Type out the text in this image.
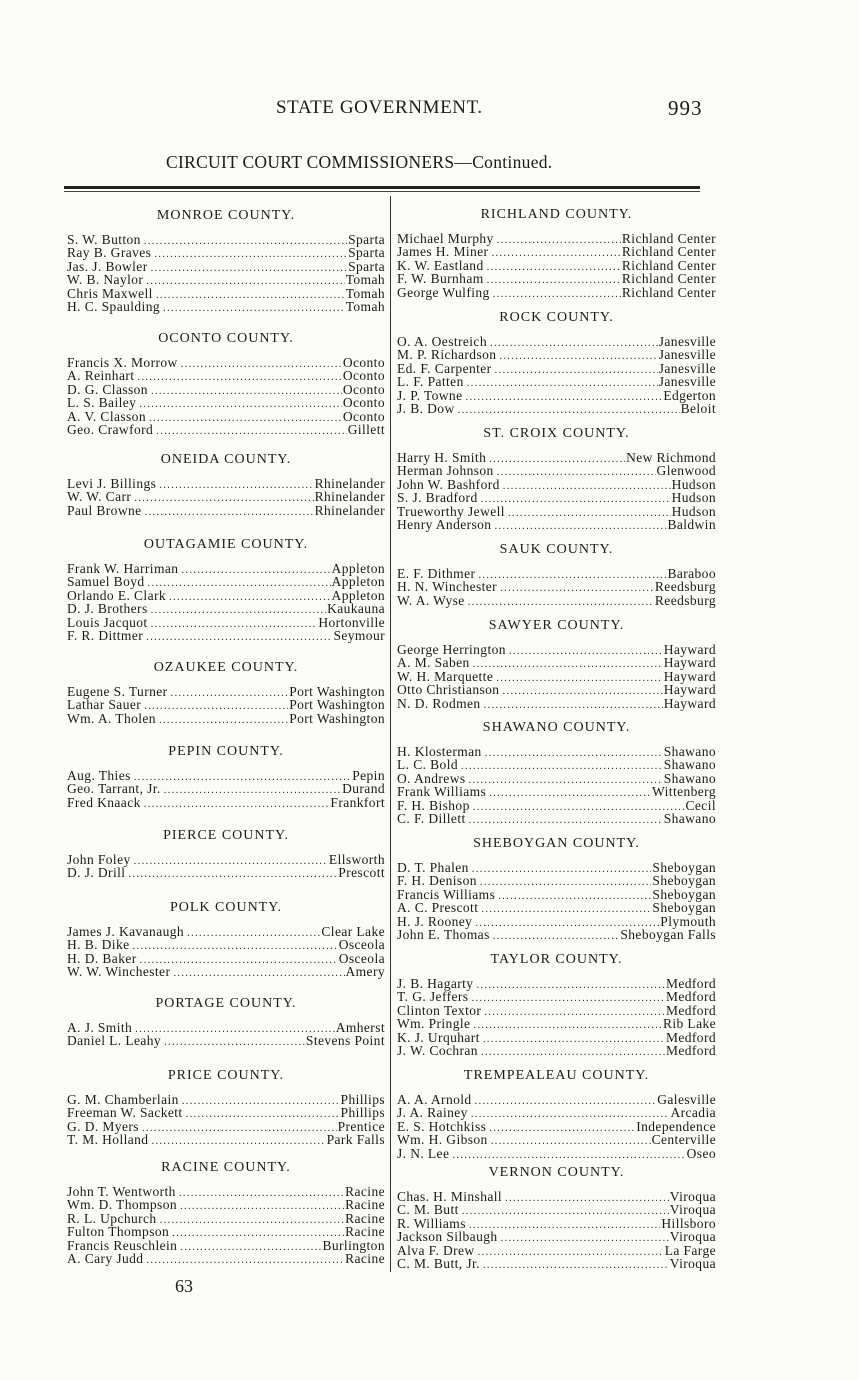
STATE GOVERNMENT.	993
CIRCUIT COURT COMMISSIONERS—Continued.
MONROE COUNTY.
S. W. Button .....	Sparta
Ray B. Graves .....	Sparta
Jas. J. Bowler .....	Sparta
W. B. Naylor .....	Tomah
Chris Maxwell .....	Tomah
H. C. Spaulding .....	Tomah
OCONTO COUNTY.
Francis X. Morrow .....	Oconto
A. Reinhart .....	Oconto
D. G. Classon .....	Oconto
L. S. Bailey .....	Oconto
A. V. Classon .....	Oconto
Geo. Crawford .....	Gillett
ONEIDA COUNTY.
Levi J. Billings .....	Rhinelander
W. W. Carr .....	Rhinelander
Paul Browne .....	Rhinelander
OUTAGAMIE COUNTY.
Frank W. Harriman .....	Appleton
Samuel Boyd .....	Appleton
Orlando E. Clark .....	Appleton
D. J. Brothers .....	Kaukauna
Louis Jacquot .....	Hortonville
F. R. Dittmer .....	Seymour
OZAUKEE COUNTY.
Eugene S. Turner .....	Port Washington
Lathar Sauer .....	Port Washington
Wm. A. Tholen .....	Port Washington
PEPIN COUNTY.
Aug. Thies .....	Pepin
Geo. Tarrant, Jr. .....	Durand
Fred Knaack .....	Frankfort
PIERCE COUNTY.
John Foley .....	Ellsworth
D. J. Drill .....	Prescott
POLK COUNTY.
James J. Kavanaugh .....	Clear Lake
H. B. Dike .....	Osceola
H. D. Baker .....	Osceola
W. W. Winchester .....	Amery
PORTAGE COUNTY.
A. J. Smith .....	Amherst
Daniel L. Leahy .....	Stevens Point
PRICE COUNTY.
G. M. Chamberlain .....	Phillips
Freeman W. Sackett .....	Phillips
G. D. Myers .....	Prentice
T. M. Holland .....	Park Falls
RACINE COUNTY.
John T. Wentworth .....	Racine
Wm. D. Thompson .....	Racine
R. L. Upchurch .....	Racine
Fulton Thompson .....	Racine
Francis Reuschlein .....	Burlington
A. Cary Judd .....	Racine
RICHLAND COUNTY.
Michael Murphy .....	Richland Center
James H. Miner .....	Richland Center
K. W. Eastland .....	Richland Center
F. W. Burnham .....	Richland Center
George Wulfing .....	Richland Center
ROCK COUNTY.
O. A. Oestreich .....	Janesville
M. P. Richardson .....	Janesville
Ed. F. Carpenter .....	Janesville
L. F. Patten .....	Janesville
J. P. Towne .....	Edgerton
J. B. Dow .....	Beloit
ST. CROIX COUNTY.
Harry H. Smith .....	New Richmond
Herman Johnson .....	Glenwood
John W. Bashford .....	Hudson
S. J. Bradford .....	Hudson
Trueworthy Jewell .....	Hudson
Henry Anderson .....	Baldwin
SAUK COUNTY.
E. F. Dithmer .....	Baraboo
H. N. Winchester .....	Reedsburg
W. A. Wyse .....	Reedsburg
SAWYER COUNTY.
George Herrington .....	Hayward
A. M. Saben .....	Hayward
W. H. Marquette .....	Hayward
Otto Christianson .....	Hayward
N. D. Rodmen .....	Hayward
SHAWANO COUNTY.
H. Klosterman .....	Shawano
L. C. Bold .....	Shawano
O. Andrews .....	Shawano
Frank Williams .....	Wittenberg
F. H. Bishop .....	Cecil
C. F. Dillett .....	Shawano
SHEBOYGAN COUNTY.
D. T. Phalen .....	Sheboygan
F. H. Denison .....	Sheboygan
Francis Williams .....	Sheboygan
A. C. Prescott .....	Sheboygan
H. J. Rooney .....	Plymouth
John E. Thomas .....	Sheboygan Falls
TAYLOR COUNTY.
J. B. Hagarty .....	Medford
T. G. Jeffers .....	Medford
Clinton Textor .....	Medford
Wm. Pringle .....	Rib Lake
K. J. Urquhart .....	Medford
J. W. Cochran .....	Medford
TREMPEALEAU COUNTY.
A. A. Arnold .....	Galesville
J. A. Rainey .....	Arcadia
E. S. Hotchkiss .....	Independence
Wm. H. Gibson .....	Centerville
J. N. Lee .....	Oseo
VERNON COUNTY.
Chas. H. Minshall .....	Viroqua
C. M. Butt .....	Viroqua
R. Williams .....	Hillsboro
Jackson Silbaugh .....	Viroqua
Alva F. Drew .....	La Farge
C. M. Butt, Jr. .....	Viroqua
63
